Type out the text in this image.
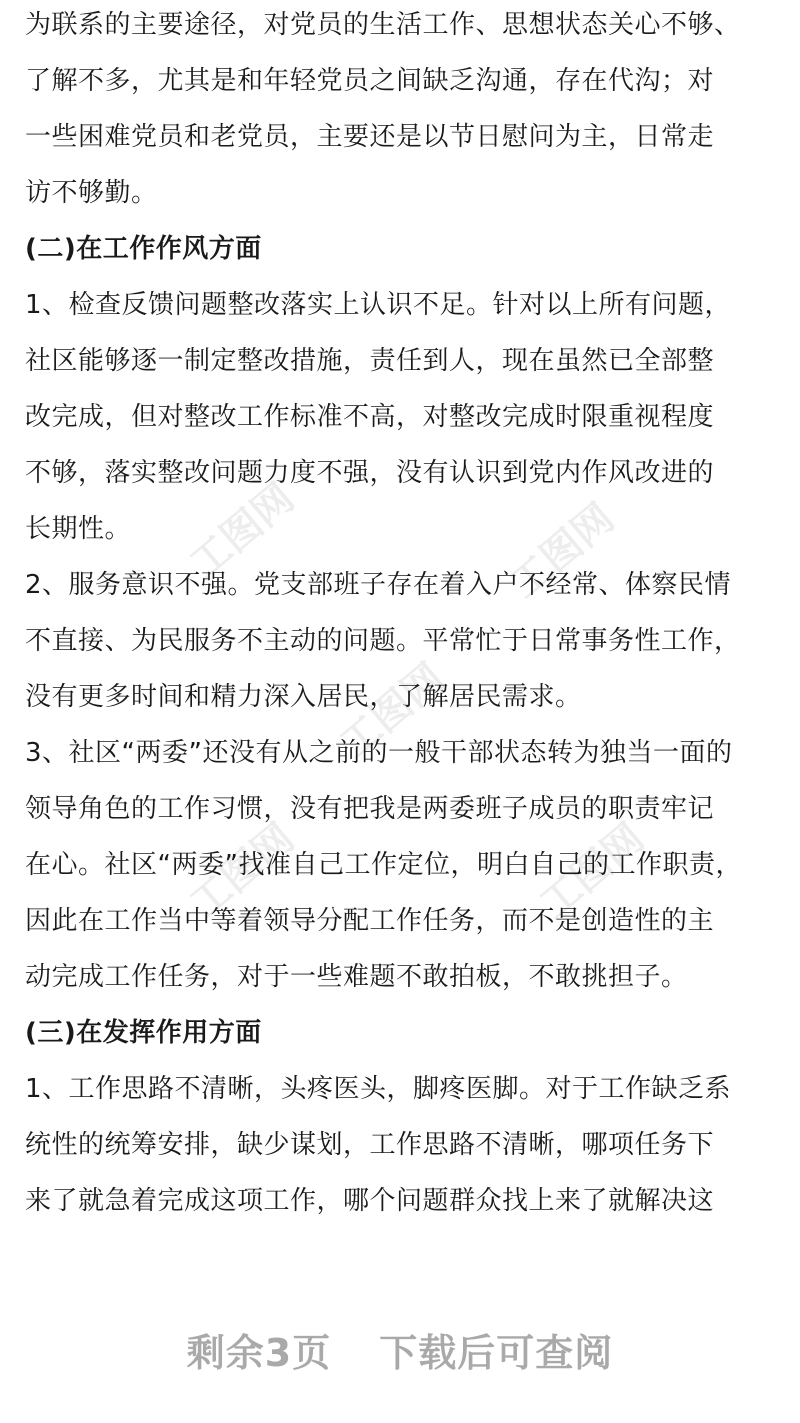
工图网	工图网
工图网
工图网	工图网
为联系的主要途径，对党员的生活工作、思想状态关心不够、
了解不多，尤其是和年轻党员之间缺乏沟通，存在代沟；对
一些困难党员和老党员，主要还是以节日慰问为主，日常走
访不够勤。
(二)在工作作风方面
1、检查反馈问题整改落实上认识不足。针对以上所有问题，
社区能够逐一制定整改措施，责任到人，现在虽然已全部整
改完成，但对整改工作标准不高，对整改完成时限重视程度
不够，落实整改问题力度不强，没有认识到党内作风改进的
长期性。
2、服务意识不强。党支部班子存在着入户不经常、体察民情
不直接、为民服务不主动的问题。平常忙于日常事务性工作，
没有更多时间和精力深入居民，了解居民需求。
3、社区“两委”还没有从之前的一般干部状态转为独当一面的
领导角色的工作习惯，没有把我是两委班子成员的职责牢记
在心。社区“两委”找准自己工作定位，明白自己的工作职责，
因此在工作当中等着领导分配工作任务，而不是创造性的主
动完成工作任务，对于一些难题不敢拍板，不敢挑担子。
(三)在发挥作用方面
1、工作思路不清晰，头疼医头，脚疼医脚。对于工作缺乏系
统性的统筹安排，缺少谋划，工作思路不清晰，哪项任务下
来了就急着完成这项工作，哪个问题群众找上来了就解决这
剩余3页 下载后可查阅
